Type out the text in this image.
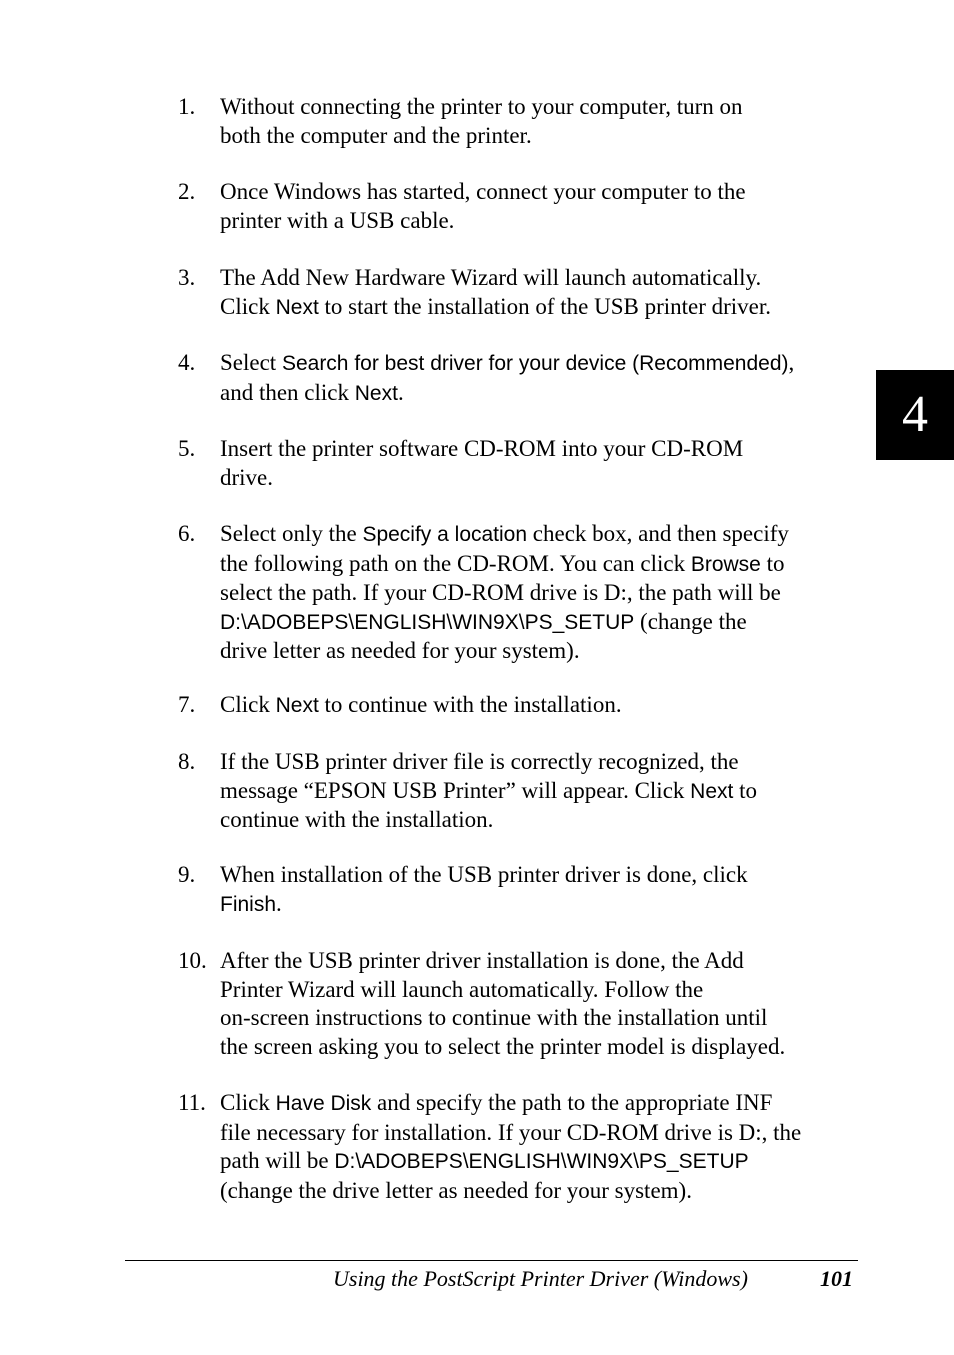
1. Without connecting the printer to your computer, turn on
both the computer and the printer.
2. Once Windows has started, connect your computer to the
printer with a USB cable.
3. The Add New Hardware Wizard will launch automatically.
Click Next to start the installation of the USB printer driver.
4. Select Search for best driver for your device (Recommended),
and then click Next.
5. Insert the printer software CD-ROM into your CD-ROM
drive.
6. Select only the Specify a location check box, and then specify
the following path on the CD-ROM. You can click Browse to
select the path. If your CD-ROM drive is D:, the path will be
D:\ADOBEPS\ENGLISH\WIN9X\PS_SETUP (change the
drive letter as needed for your system).
7. Click Next to continue with the installation.
8. If the USB printer driver file is correctly recognized, the
message “EPSON USB Printer” will appear. Click Next to
continue with the installation.
9. When installation of the USB printer driver is done, click
Finish.
10. After the USB printer driver installation is done, the Add
Printer Wizard will launch automatically. Follow the
on-screen instructions to continue with the installation until
the screen asking you to select the printer model is displayed.
11. Click Have Disk and specify the path to the appropriate INF
file necessary for installation. If your CD-ROM drive is D:, the
path will be D:\ADOBEPS\ENGLISH\WIN9X\PS_SETUP
(change the drive letter as needed for your system).
4
Using the PostScript Printer Driver (Windows)	101
